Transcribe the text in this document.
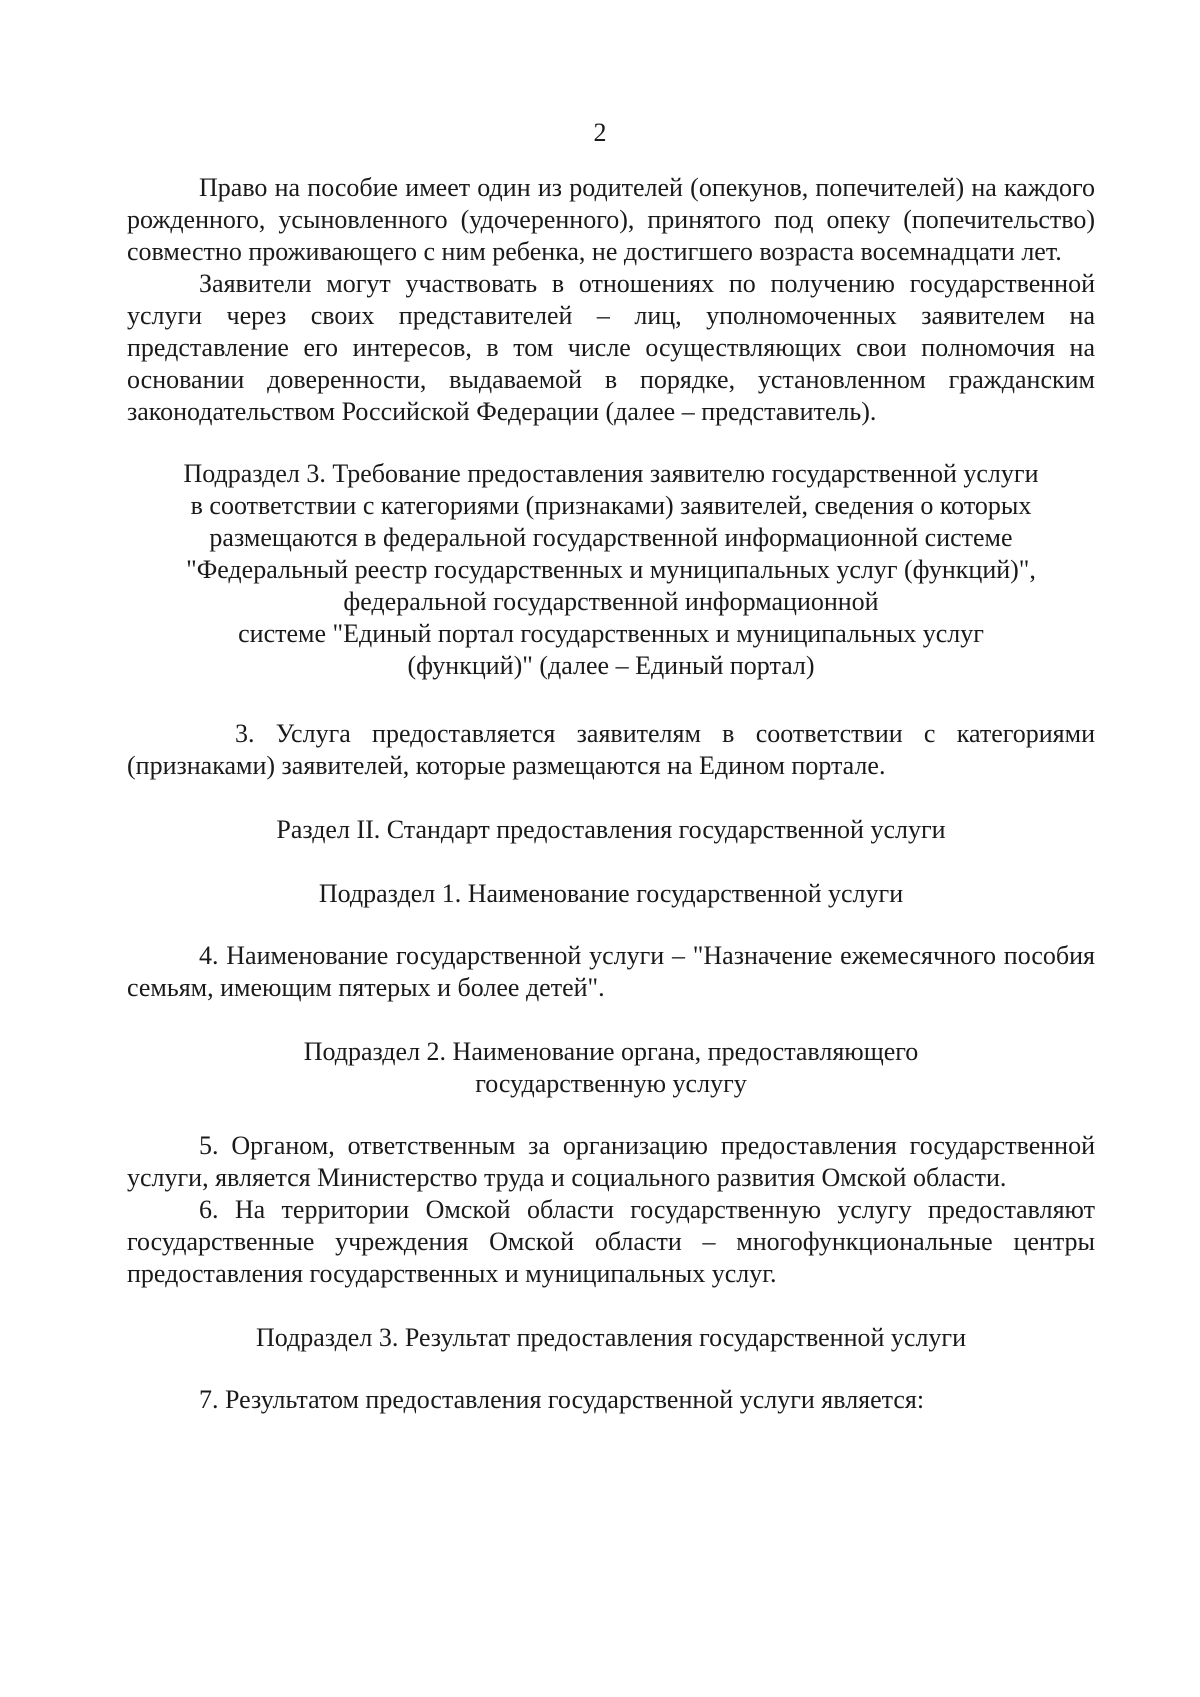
2

Право на пособие имеет один из родителей (опекунов, попечителей) на каждого рожденного, усыновленного (удочеренного), принятого под опеку (попечительство) совместно проживающего с ним ребенка, не достигшего возраста восемнадцати лет.

Заявители могут участвовать в отношениях по получению государственной услуги через своих представителей – лиц, уполномоченных заявителем на представление его интересов, в том числе осуществляющих свои полномочия на основании доверенности, выдаваемой в порядке, установленном гражданским законодательством Российской Федерации (далее – представитель).

Подраздел 3. Требование предоставления заявителю государственной услуги
в соответствии с категориями (признаками) заявителей, сведения о которых
размещаются в федеральной государственной информационной системе
"Федеральный реестр государственных и муниципальных услуг (функций)",
федеральной государственной информационной
системе "Единый портал государственных и муниципальных услуг
(функций)" (далее – Единый портал)

3. Услуга предоставляется заявителям в соответствии с категориями (признаками) заявителей, которые размещаются на Едином портале.

Раздел II. Стандарт предоставления государственной услуги
Подраздел 1. Наименование государственной услуги

4. Наименование государственной услуги – "Назначение ежемесячного пособия семьям, имеющим пятерых и более детей".

Подраздел 2. Наименование органа, предоставляющего
государственную услугу

5. Органом, ответственным за организацию предоставления государственной услуги, является Министерство труда и социального развития Омской области.

6. На территории Омской области государственную услугу предоставляют государственные учреждения Омской области – многофункциональные центры предоставления государственных и муниципальных услуг.

Подраздел 3. Результат предоставления государственной услуги

7. Результатом предоставления государственной услуги является:
